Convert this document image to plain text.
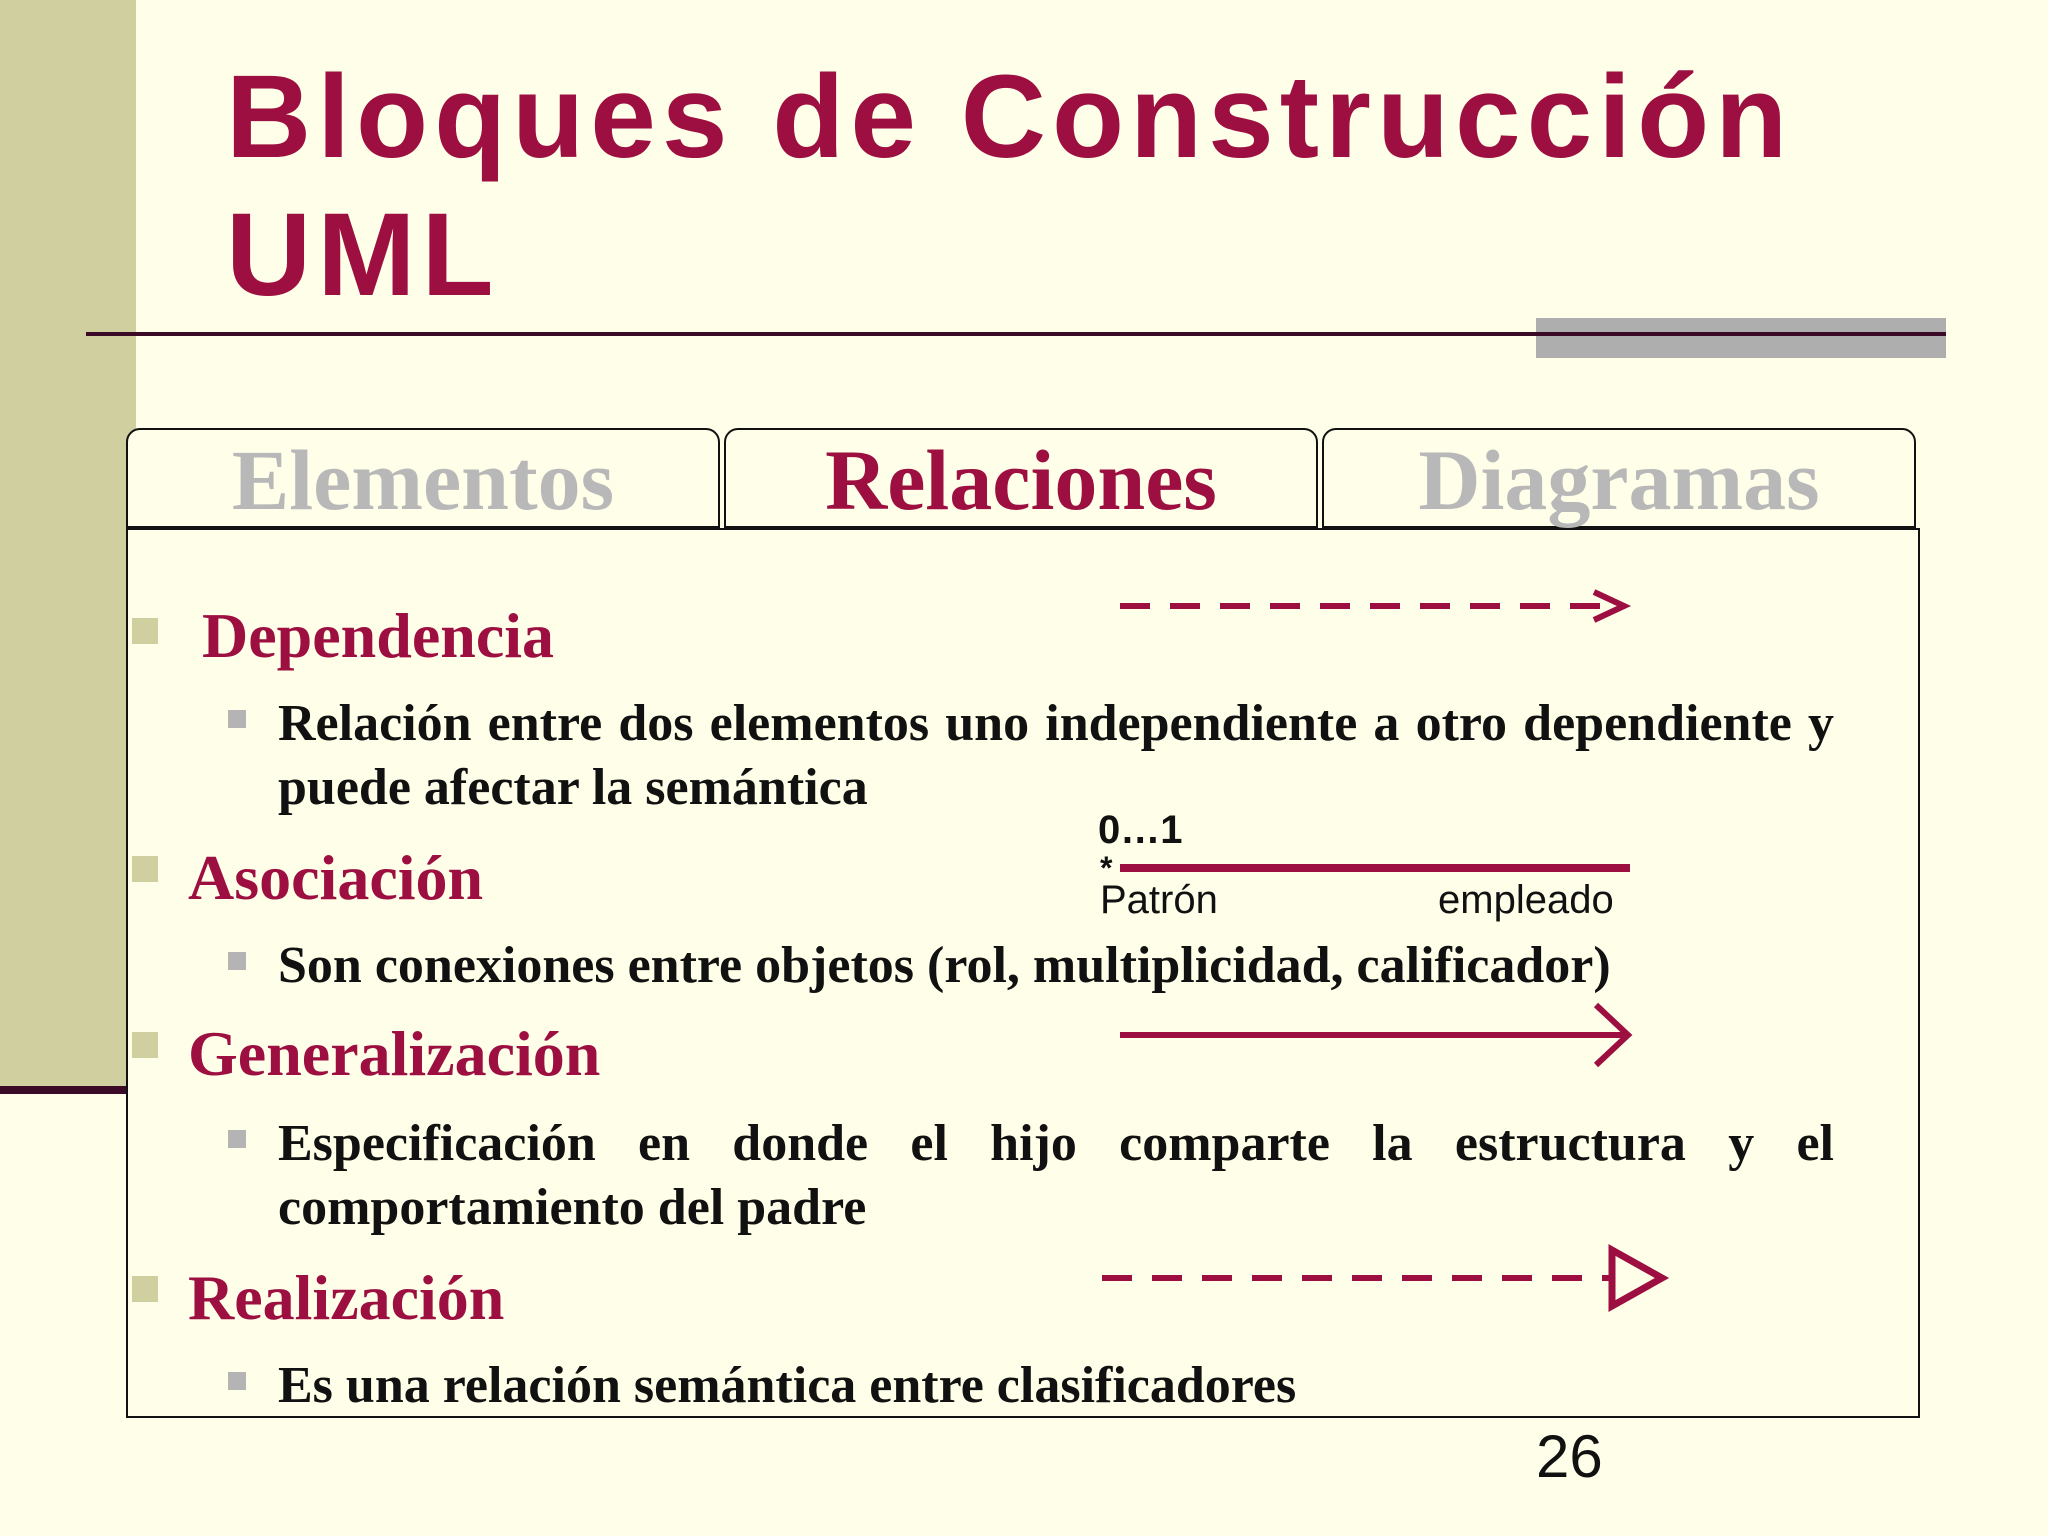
Bloques de Construcción UML
Elementos	Relaciones	Diagramas
Dependencia
Relación entre dos elementos uno independiente a otro dependiente y puede afectar la semántica
0…1
*
Patrón	empleado
Asociación
Son conexiones entre objetos (rol, multiplicidad, calificador)
Generalización
Especificación en donde el hijo comparte la estructura y el comportamiento del padre
Realización
Es una relación semántica entre clasificadores
26
